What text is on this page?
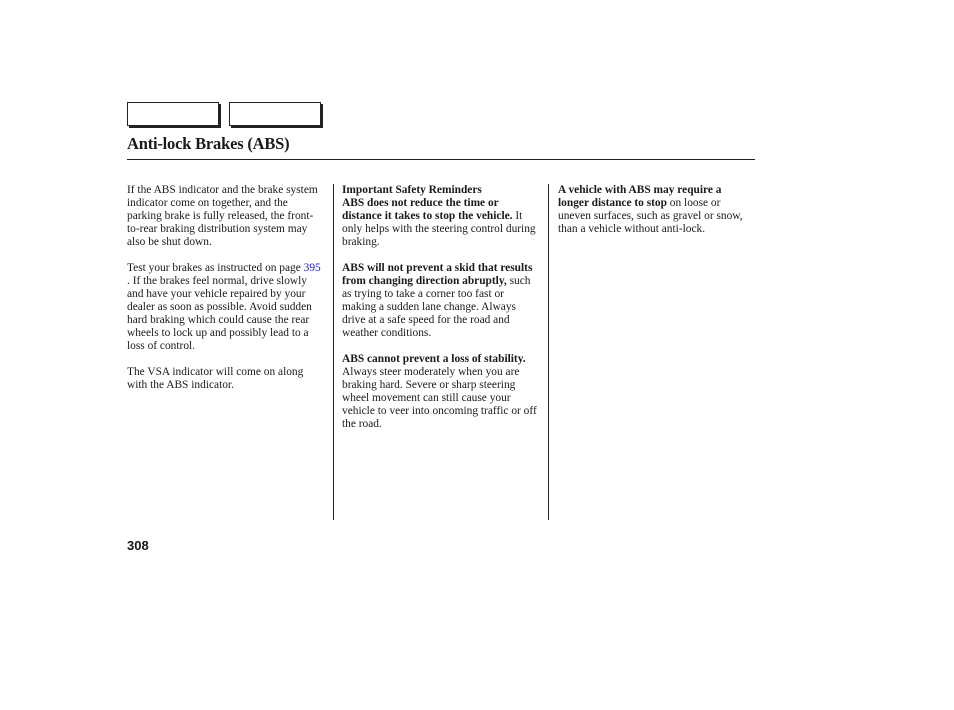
Anti-lock Brakes (ABS)

If the ABS indicator and the brake system indicator come on together, and the parking brake is fully released, the front-to-rear braking distribution system may also be shut down.

Test your brakes as instructed on page 395 . If the brakes feel normal, drive slowly and have your vehicle repaired by your dealer as soon as possible. Avoid sudden hard braking which could cause the rear wheels to lock up and possibly lead to a loss of control.

The VSA indicator will come on along with the ABS indicator.

Important Safety Reminders
ABS does not reduce the time or distance it takes to stop the vehicle. It only helps with the steering control during braking.

ABS will not prevent a skid that results from changing direction abruptly, such as trying to take a corner too fast or making a sudden lane change. Always drive at a safe speed for the road and weather conditions.

ABS cannot prevent a loss of stability. Always steer moderately when you are braking hard. Severe or sharp steering wheel movement can still cause your vehicle to veer into oncoming traffic or off the road.

A vehicle with ABS may require a longer distance to stop on loose or uneven surfaces, such as gravel or snow, than a vehicle without anti-lock.

308
